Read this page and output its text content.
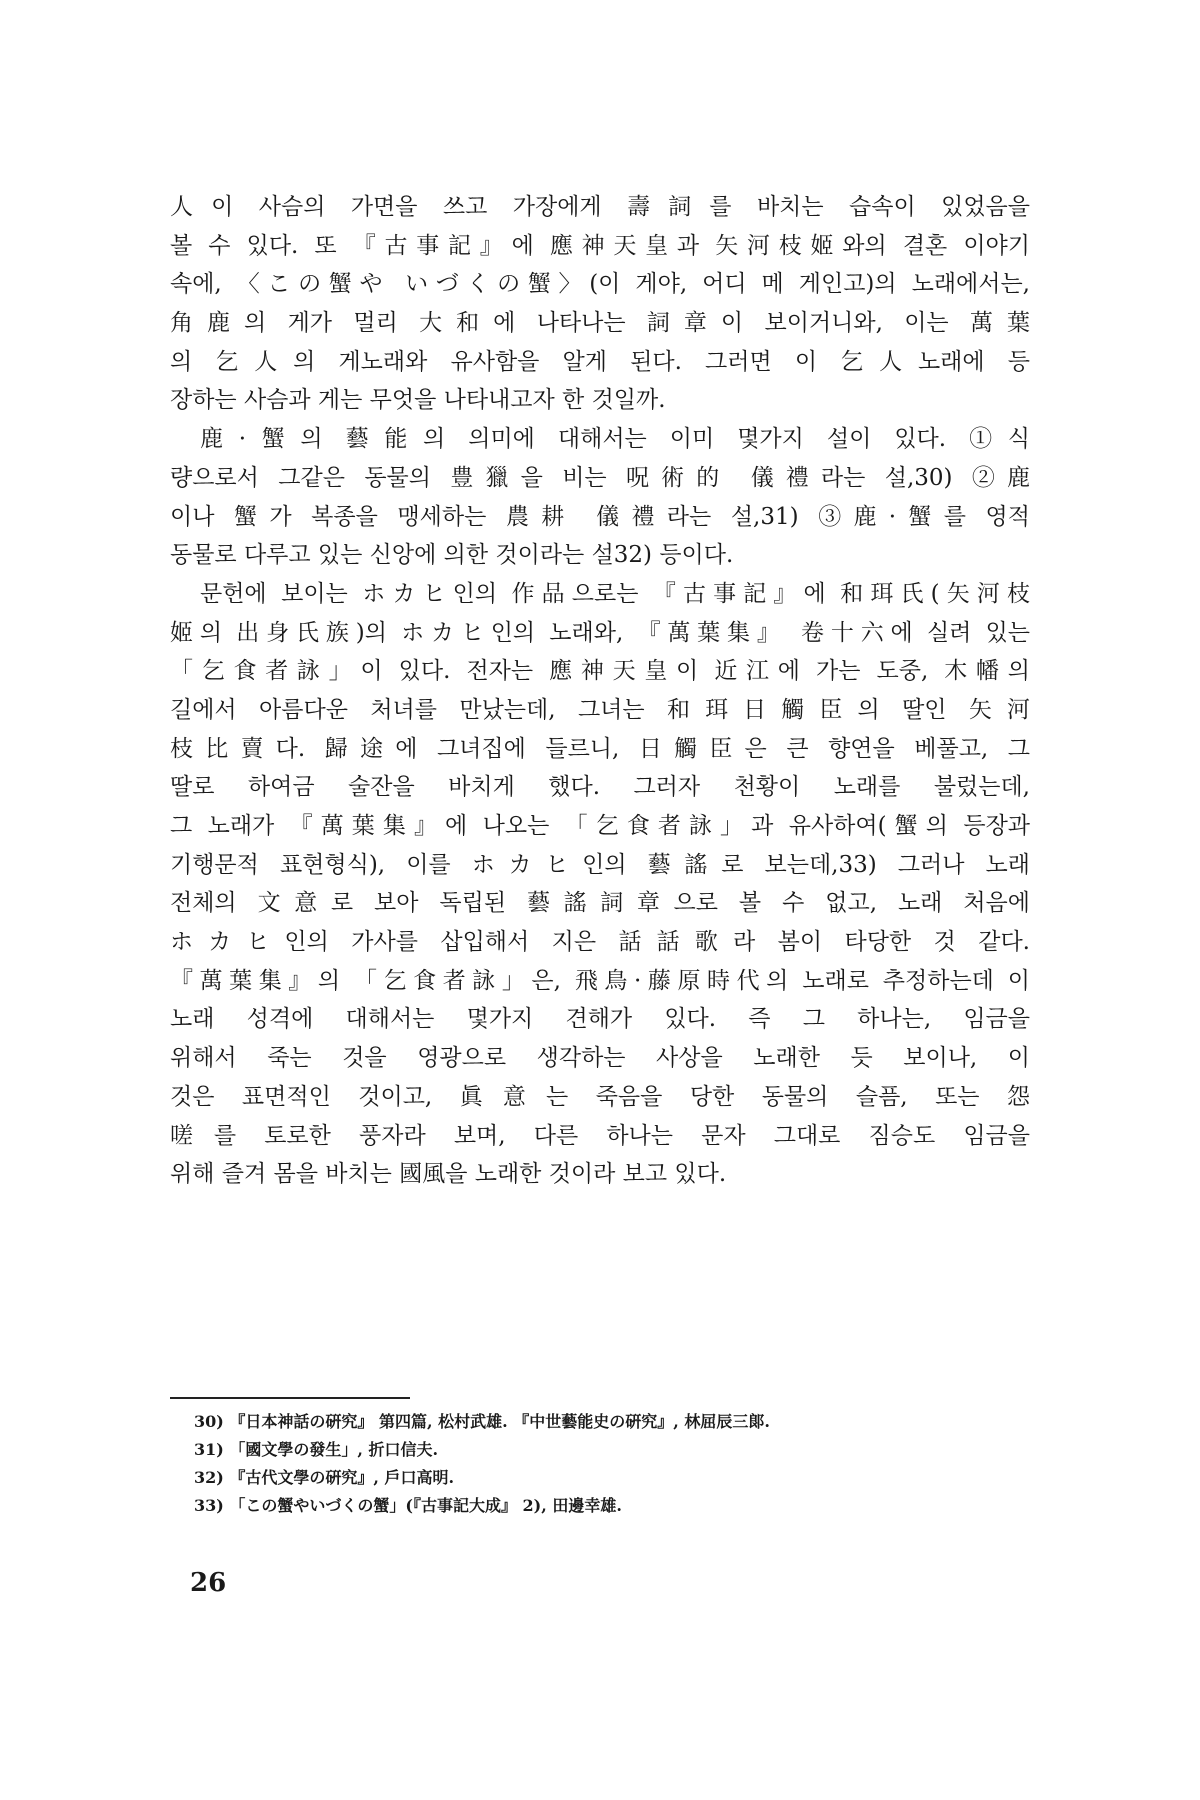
人이 사슴의 가면을 쓰고 가장에게 壽詞를 바치는 습속이 있었음을
볼 수 있다. 또 『古事記』에 應神天皇과 矢河枝姬와의 결혼 이야기
속에, 〈この蟹や いづくの蟹〉(이 게야, 어디 메 게인고)의 노래에서는,
角鹿의 게가 멀리 大和에 나타나는 詞章이 보이거니와, 이는 萬葉
의 乞人의 게노래와 유사함을 알게 된다. 그러면 이 乞人노래에 등
장하는 사슴과 게는 무엇을 나타내고자 한 것일까.
鹿·蟹의 藝能의 의미에 대해서는 이미 몇가지 설이 있다. ①식
량으로서 그같은 동물의 豊獵을 비는 呪術的 儀禮라는 설,30) ②鹿
이나 蟹가 복종을 맹세하는 農耕 儀禮라는 설,31) ③鹿·蟹를 영적
동물로 다루고 있는 신앙에 의한 것이라는 설32) 등이다.
문헌에 보이는 ホカヒ인의 作品으로는 『古事記』에 和珥氏(矢河枝
姬의 出身氏族)의 ホカヒ인의 노래와, 『萬葉集』 卷十六에 실려 있는
「乞食者詠」이 있다. 전자는 應神天皇이 近江에 가는 도중, 木幡의
길에서 아름다운 처녀를 만났는데, 그녀는 和珥日觸臣의 딸인 矢河
枝比賣다. 歸途에 그녀집에 들르니, 日觸臣은 큰 향연을 베풀고, 그
딸로 하여금 술잔을 바치게 했다. 그러자 천황이 노래를 불렀는데,
그 노래가 『萬葉集』에 나오는 「乞食者詠」과 유사하여(蟹의 등장과
기행문적 표현형식), 이를 ホカヒ인의 藝謠로 보는데,33) 그러나 노래
전체의 文意로 보아 독립된 藝謠詞章으로 볼 수 없고, 노래 처음에
ホカヒ인의 가사를 삽입해서 지은 話話歌라 봄이 타당한 것 같다.
『萬葉集』의 「乞食者詠」은, 飛鳥·藤原時代의 노래로 추정하는데 이
노래 성격에 대해서는 몇가지 견해가 있다. 즉 그 하나는, 임금을
위해서 죽는 것을 영광으로 생각하는 사상을 노래한 듯 보이나, 이
것은 표면적인 것이고, 眞意는 죽음을 당한 동물의 슬픔, 또는 怨
嗟를 토로한 풍자라 보며, 다른 하나는 문자 그대로 짐승도 임금을
위해 즐겨 몸을 바치는 國風을 노래한 것이라 보고 있다.
30) 『日本神話の硏究』 第四篇, 松村武雄. 『中世藝能史の硏究』, 林屈辰三郞.
31) 「國文學の發生」, 折口信夫.
32) 『古代文學の硏究』, 戶口高明.
33) 「この蟹やいづくの蟹」(『古事記大成』 2), 田邊幸雄.
26
